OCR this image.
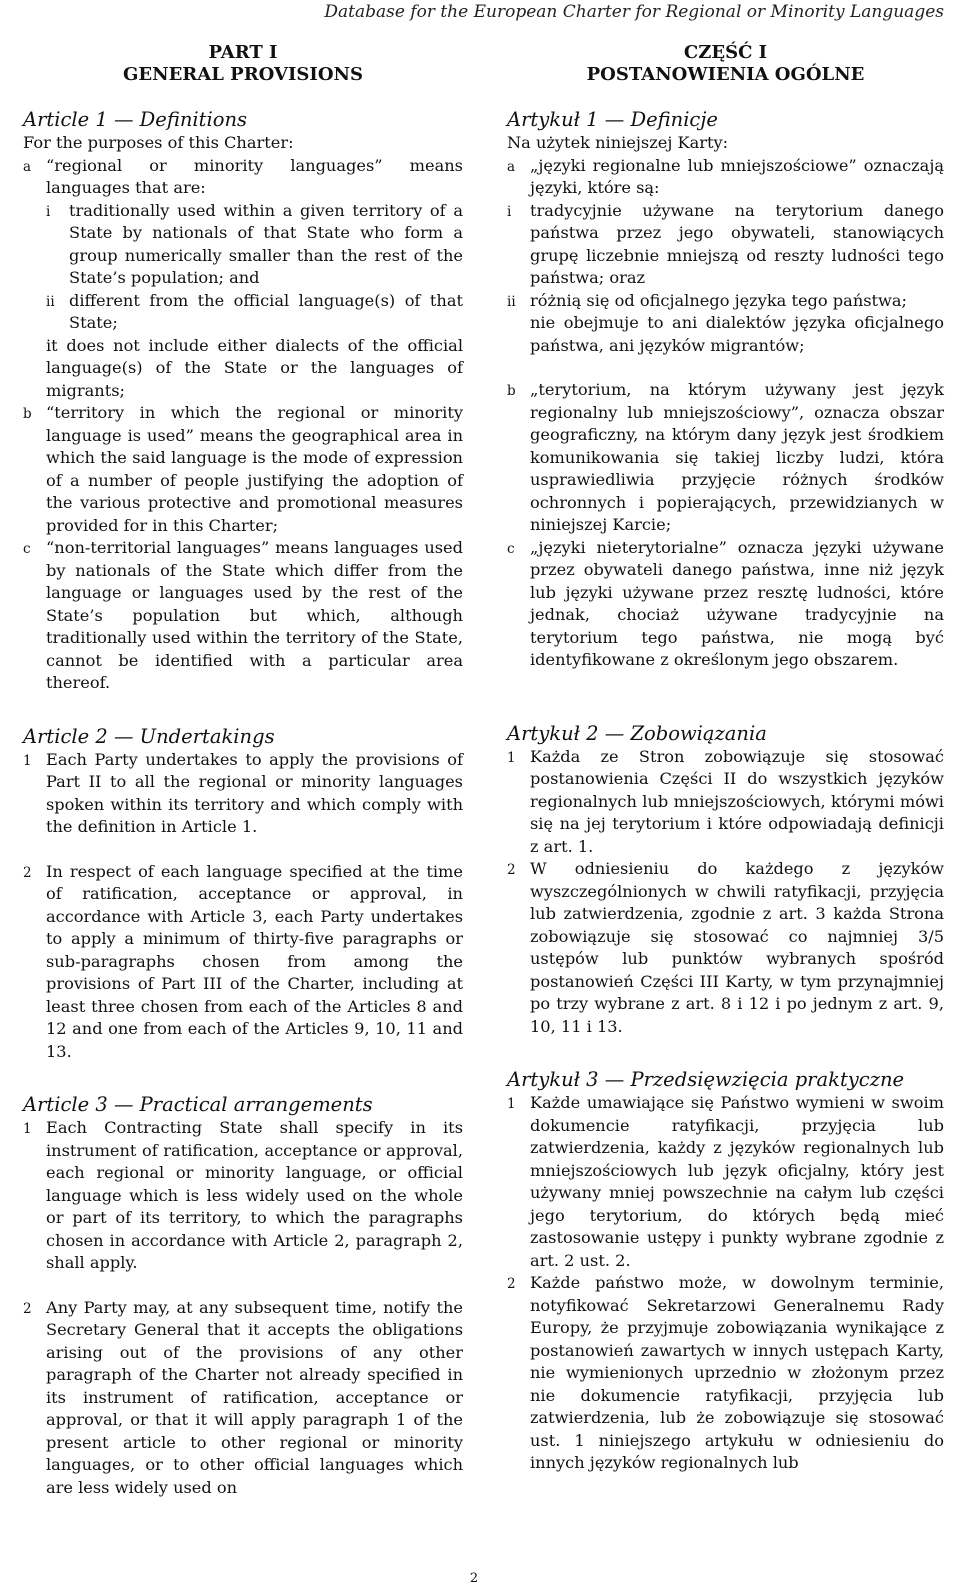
Database for the European Charter for Regional or Minority Languages
PART I
GENERAL PROVISIONS
Article 1 — Definitions
For the purposes of this Charter:
a “regional or minority languages” means languages that are:
i traditionally used within a given territory of a State by nationals of that State who form a group numerically smaller than the rest of the State’s population; and
ii different from the official language(s) of that State;
it does not include either dialects of the official language(s) of the State or the languages of migrants;
b “territory in which the regional or minority language is used” means the geographical area in which the said language is the mode of expression of a number of people justifying the adoption of the various protective and promotional measures provided for in this Charter;
c “non-territorial languages” means languages used by nationals of the State which differ from the language or languages used by the rest of the State’s population but which, although traditionally used within the territory of the State, cannot be identified with a particular area thereof.
Article 2 — Undertakings
1 Each Party undertakes to apply the provisions of Part II to all the regional or minority languages spoken within its territory and which comply with the definition in Article 1.
2 In respect of each language specified at the time of ratification, acceptance or approval, in accordance with Article 3, each Party undertakes to apply a minimum of thirty-five paragraphs or sub-paragraphs chosen from among the provisions of Part III of the Charter, including at least three chosen from each of the Articles 8 and 12 and one from each of the Articles 9, 10, 11 and 13.
Article 3 — Practical arrangements
1 Each Contracting State shall specify in its instrument of ratification, acceptance or approval, each regional or minority language, or official language which is less widely used on the whole or part of its territory, to which the paragraphs chosen in accordance with Article 2, paragraph 2, shall apply.
2 Any Party may, at any subsequent time, notify the Secretary General that it accepts the obligations arising out of the provisions of any other paragraph of the Charter not already specified in its instrument of ratification, acceptance or approval, or that it will apply paragraph 1 of the present article to other regional or minority languages, or to other official languages which are less widely used on
CZĘŚĆ I
POSTANOWIENIA OGÓLNE
Artykuł 1 — Definicje
Na użytek niniejszej Karty:
a „języki regionalne lub mniejszościowe” oznaczają języki, które są:
i tradycyjnie używane na terytorium danego państwa przez jego obywateli, stanowiących grupę liczebnie mniejszą od reszty ludności tego państwa; oraz
ii różnią się od oficjalnego języka tego państwa;
nie obejmuje to ani dialektów języka oficjalnego państwa, ani języków migrantów;
b „terytorium, na którym używany jest język regionalny lub mniejszościowy”, oznacza obszar geograficzny, na którym dany język jest środkiem komunikowania się takiej liczby ludzi, która usprawiedliwia przyjęcie różnych środków ochronnych i popierających, przewidzianych w niniejszej Karcie;
c „języki nieterytorialne” oznacza języki używane przez obywateli danego państwa, inne niż język lub języki używane przez resztę ludności, które jednak, chociaż używane tradycyjnie na terytorium tego państwa, nie mogą być identyfikowane z określonym jego obszarem.
Artykuł 2 — Zobowiązania
1 Każda ze Stron zobowiązuje się stosować postanowienia Części II do wszystkich języków regionalnych lub mniejszościowych, którymi mówi się na jej terytorium i które odpowiadają definicji z art. 1.
2 W odniesieniu do każdego z języków wyszczególnionych w chwili ratyfikacji, przyjęcia lub zatwierdzenia, zgodnie z art. 3 każda Strona zobowiązuje się stosować co najmniej 3/5 ustępów lub punktów wybranych spośród postanowień Części III Karty, w tym przynajmniej po trzy wybrane z art. 8 i 12 i po jednym z art. 9, 10, 11 i 13.
Artykuł 3 — Przedsięwzięcia praktyczne
1 Każde umawiające się Państwo wymieni w swoim dokumencie ratyfikacji, przyjęcia lub zatwierdzenia, każdy z języków regionalnych lub mniejszościowych lub język oficjalny, który jest używany mniej powszechnie na całym lub części jego terytorium, do których będą mieć zastosowanie ustępy i punkty wybrane zgodnie z art. 2 ust. 2.
2 Każde państwo może, w dowolnym terminie, notyfikować Sekretarzowi Generalnemu Rady Europy, że przyjmuje zobowiązania wynikające z postanowień zawartych w innych ustępach Karty, nie wymienionych uprzednio w złożonym przez nie dokumencie ratyfikacji, przyjęcia lub zatwierdzenia, lub że zobowiązuje się stosować ust. 1 niniejszego artykułu w odniesieniu do innych języków regionalnych lub
2
